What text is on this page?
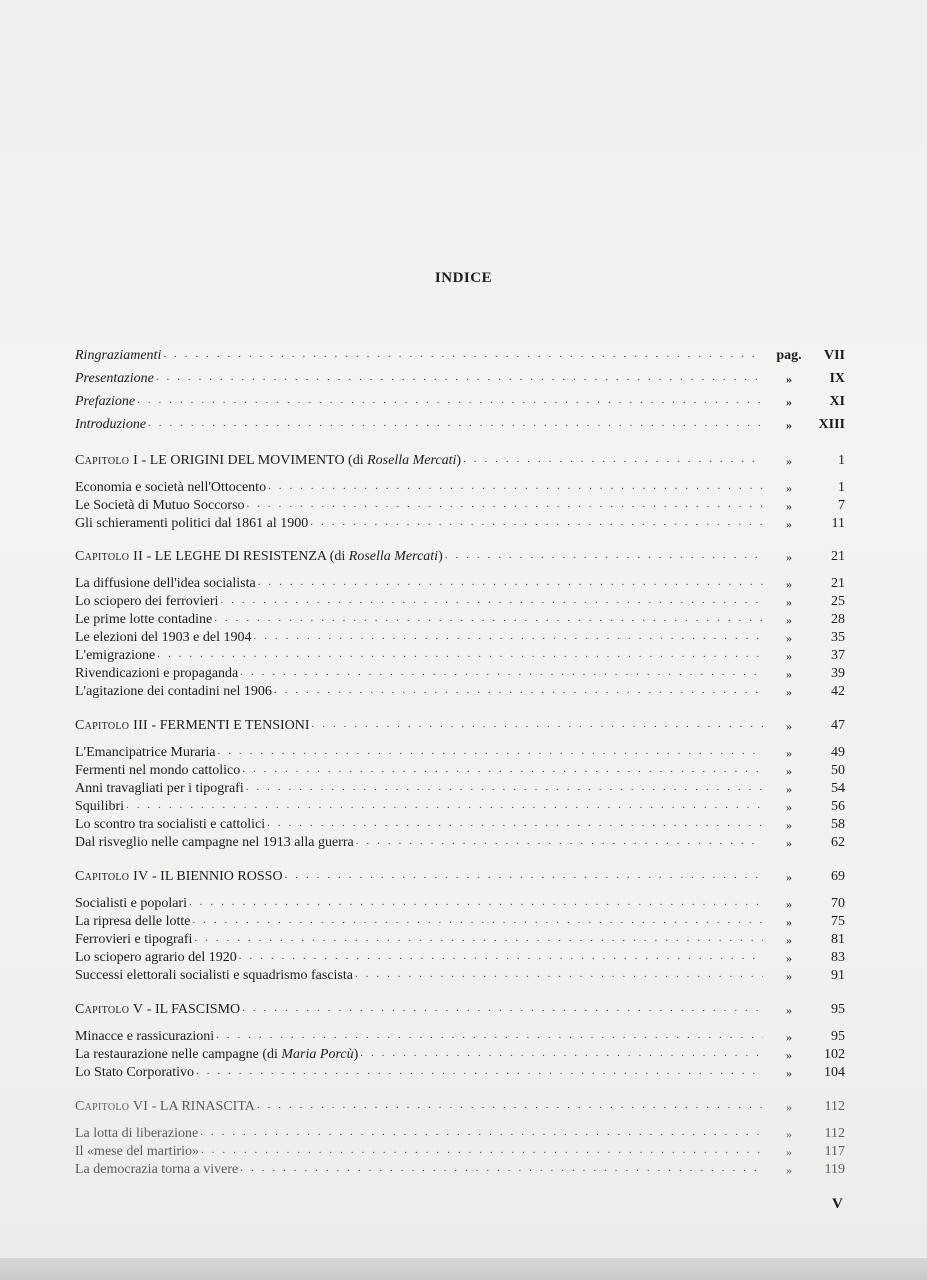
INDICE
Ringraziamenti . . .	pag.	VII
Presentazione . . .	»	IX
Prefazione . . .	»	XI
Introduzione . . .	»	XIII
Capitolo I - LE ORIGINI DEL MOVIMENTO (di Rosella Mercati) . . .	»	1
Economia e società nell'Ottocento . . .	»	1
Le Società di Mutuo Soccorso . . .	»	7
Gli schieramenti politici dal 1861 al 1900 . . .	»	11
Capitolo II - LE LEGHE DI RESISTENZA (di Rosella Mercati) . . .	»	21
La diffusione dell'idea socialista . . .	»	21
Lo sciopero dei ferrovieri . . .	»	25
Le prime lotte contadine . . .	»	28
Le elezioni del 1903 e del 1904 . . .	»	35
L'emigrazione . . .	»	37
Rivendicazioni e propaganda . . .	»	39
L'agitazione dei contadini nel 1906 . . .	»	42
Capitolo III - FERMENTI E TENSIONI . . .	»	47
L'Emancipatrice Muraria . . .	»	49
Fermenti nel mondo cattolico . . .	»	50
Anni travagliati per i tipografi . . .	»	54
Squilibri . . .	»	56
Lo scontro tra socialisti e cattolici . . .	»	58
Dal risveglio nelle campagne nel 1913 alla guerra . . .	»	62
Capitolo IV - IL BIENNIO ROSSO . . .	»	69
Socialisti e popolari . . .	»	70
La ripresa delle lotte . . .	»	75
Ferrovieri e tipografi . . .	»	81
Lo sciopero agrario del 1920 . . .	»	83
Successi elettorali socialisti e squadrismo fascista . . .	»	91
Capitolo V - IL FASCISMO . . .	»	95
Minacce e rassicurazioni . . .	»	95
La restaurazione nelle campagne (di Maria Porcù) . . .	»	102
Lo Stato Corporativo . . .	»	104
Capitolo VI - LA RINASCITA . . .	»	112
La lotta di liberazione . . .	»	112
Il «mese del martirio» . . .	»	117
La democrazia torna a vivere . . .	»	119
V
